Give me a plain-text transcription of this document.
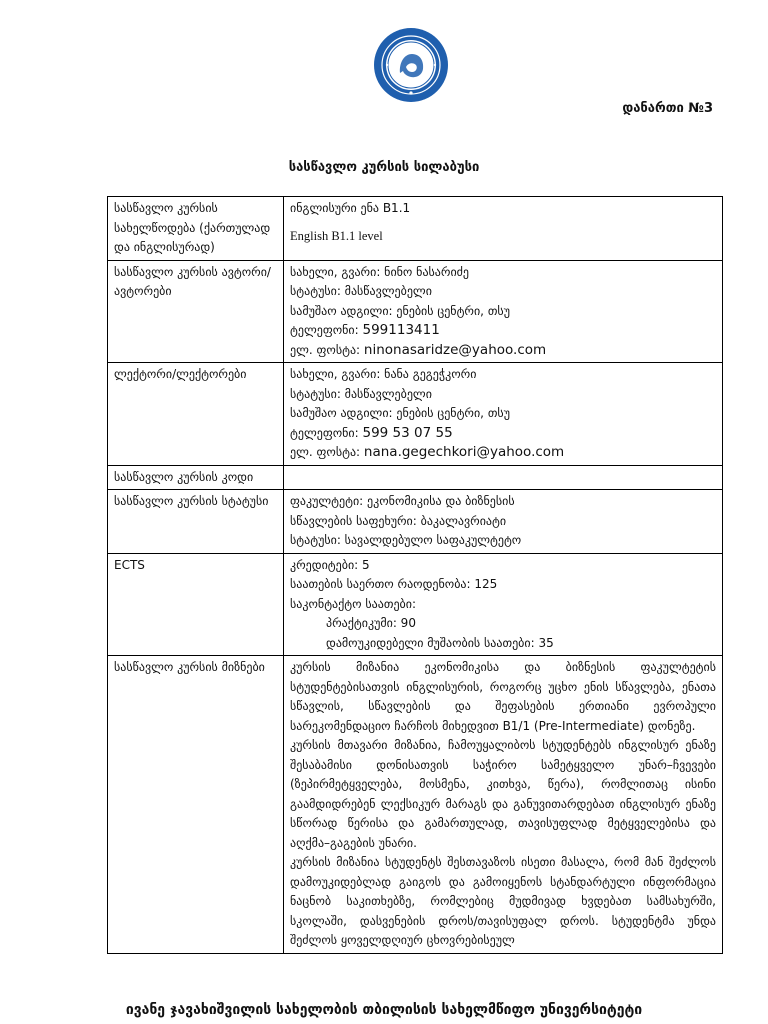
დანართი №3
სასწავლო კურსის სილაბუსი
სასწავლო კურსის სახელწოდება (ქართულად და ინგლისურად)	ინგლისური ენა B1.1
English B1.1 level

სასწავლო კურსის ავტორი/ავტორები	სახელი, გვარი: ნინო ნასარიძე
სტატუსი: მასწავლებელი
სამუშაო ადგილი: ენების ცენტრი, თსუ
ტელეფონი: 599113411
ელ. ფოსტა: ninonasaridze@yahoo.com

ლექტორი/ლექტორები	სახელი, გვარი: ნანა გეგეჭკორი
სტატუსი: მასწავლებელი
სამუშაო ადგილი: ენების ცენტრი, თსუ
ტელეფონი: 599 53 07 55
ელ. ფოსტა: nana.gegechkori@yahoo.com

სასწავლო კურსის კოდი	
სასწავლო კურსის სტატუსი	ფაკულტეტი: ეკონომიკისა და ბიზნესის
სწავლების საფეხური: ბაკალავრიატი
სტატუსი: სავალდებულო საფაკულტეტო

ECTS	კრედიტები: 5
საათების საერთო რაოდენობა: 125
საკონტაქტო საათები:
პრაქტიკუმი: 90
დამოუკიდებელი მუშაობის საათები: 35

სასწავლო კურსის მიზნები	კურსის მიზანია ეკონომიკისა და ბიზნესის ფაკულტეტის სტუდენტებისათვის ინგლისურის, როგორც უცხო ენის სწავლება, ენათა სწავლის, სწავლების და შეფასების ერთიანი ევროპული სარეკომენდაციო ჩარჩოს მიხედვით B1/1 (Pre-Intermediate) დონეზე.
კურსის მთავარი მიზანია, ჩამოუყალიბოს სტუდენტებს ინგლისურ ენაზე შესაბამისი დონისათვის საჭირო სამეტყველო უნარ–ჩვევები (ზეპირმეტყველება, მოსმენა, კითხვა, წერა), რომლითაც ისინი გაამდიდრებენ ლექსიკურ მარაგს და განუვითარდებათ ინგლისურ ენაზე სწორად წერისა და გამართულად, თავისუფლად მეტყველებისა და აღქმა–გაგების უნარი.
კურსის მიზანია სტუდენტს შესთავაზოს ისეთი მასალა, რომ მან შეძლოს დამოუკიდებლად გაიგოს და გამოიყენოს სტანდარტული ინფორმაცია ნაცნობ საკითხებზე, რომლებიც მუდმივად ხვდებათ სამსახურში, სკოლაში, დასვენების დროს/თავისუფალ დროს. სტუდენტმა უნდა შეძლოს ყოველდღიურ ცხოვრებისეულ
ივანე ჯავახიშვილის სახელობის თბილისის სახელმწიფო უნივერსიტეტი
